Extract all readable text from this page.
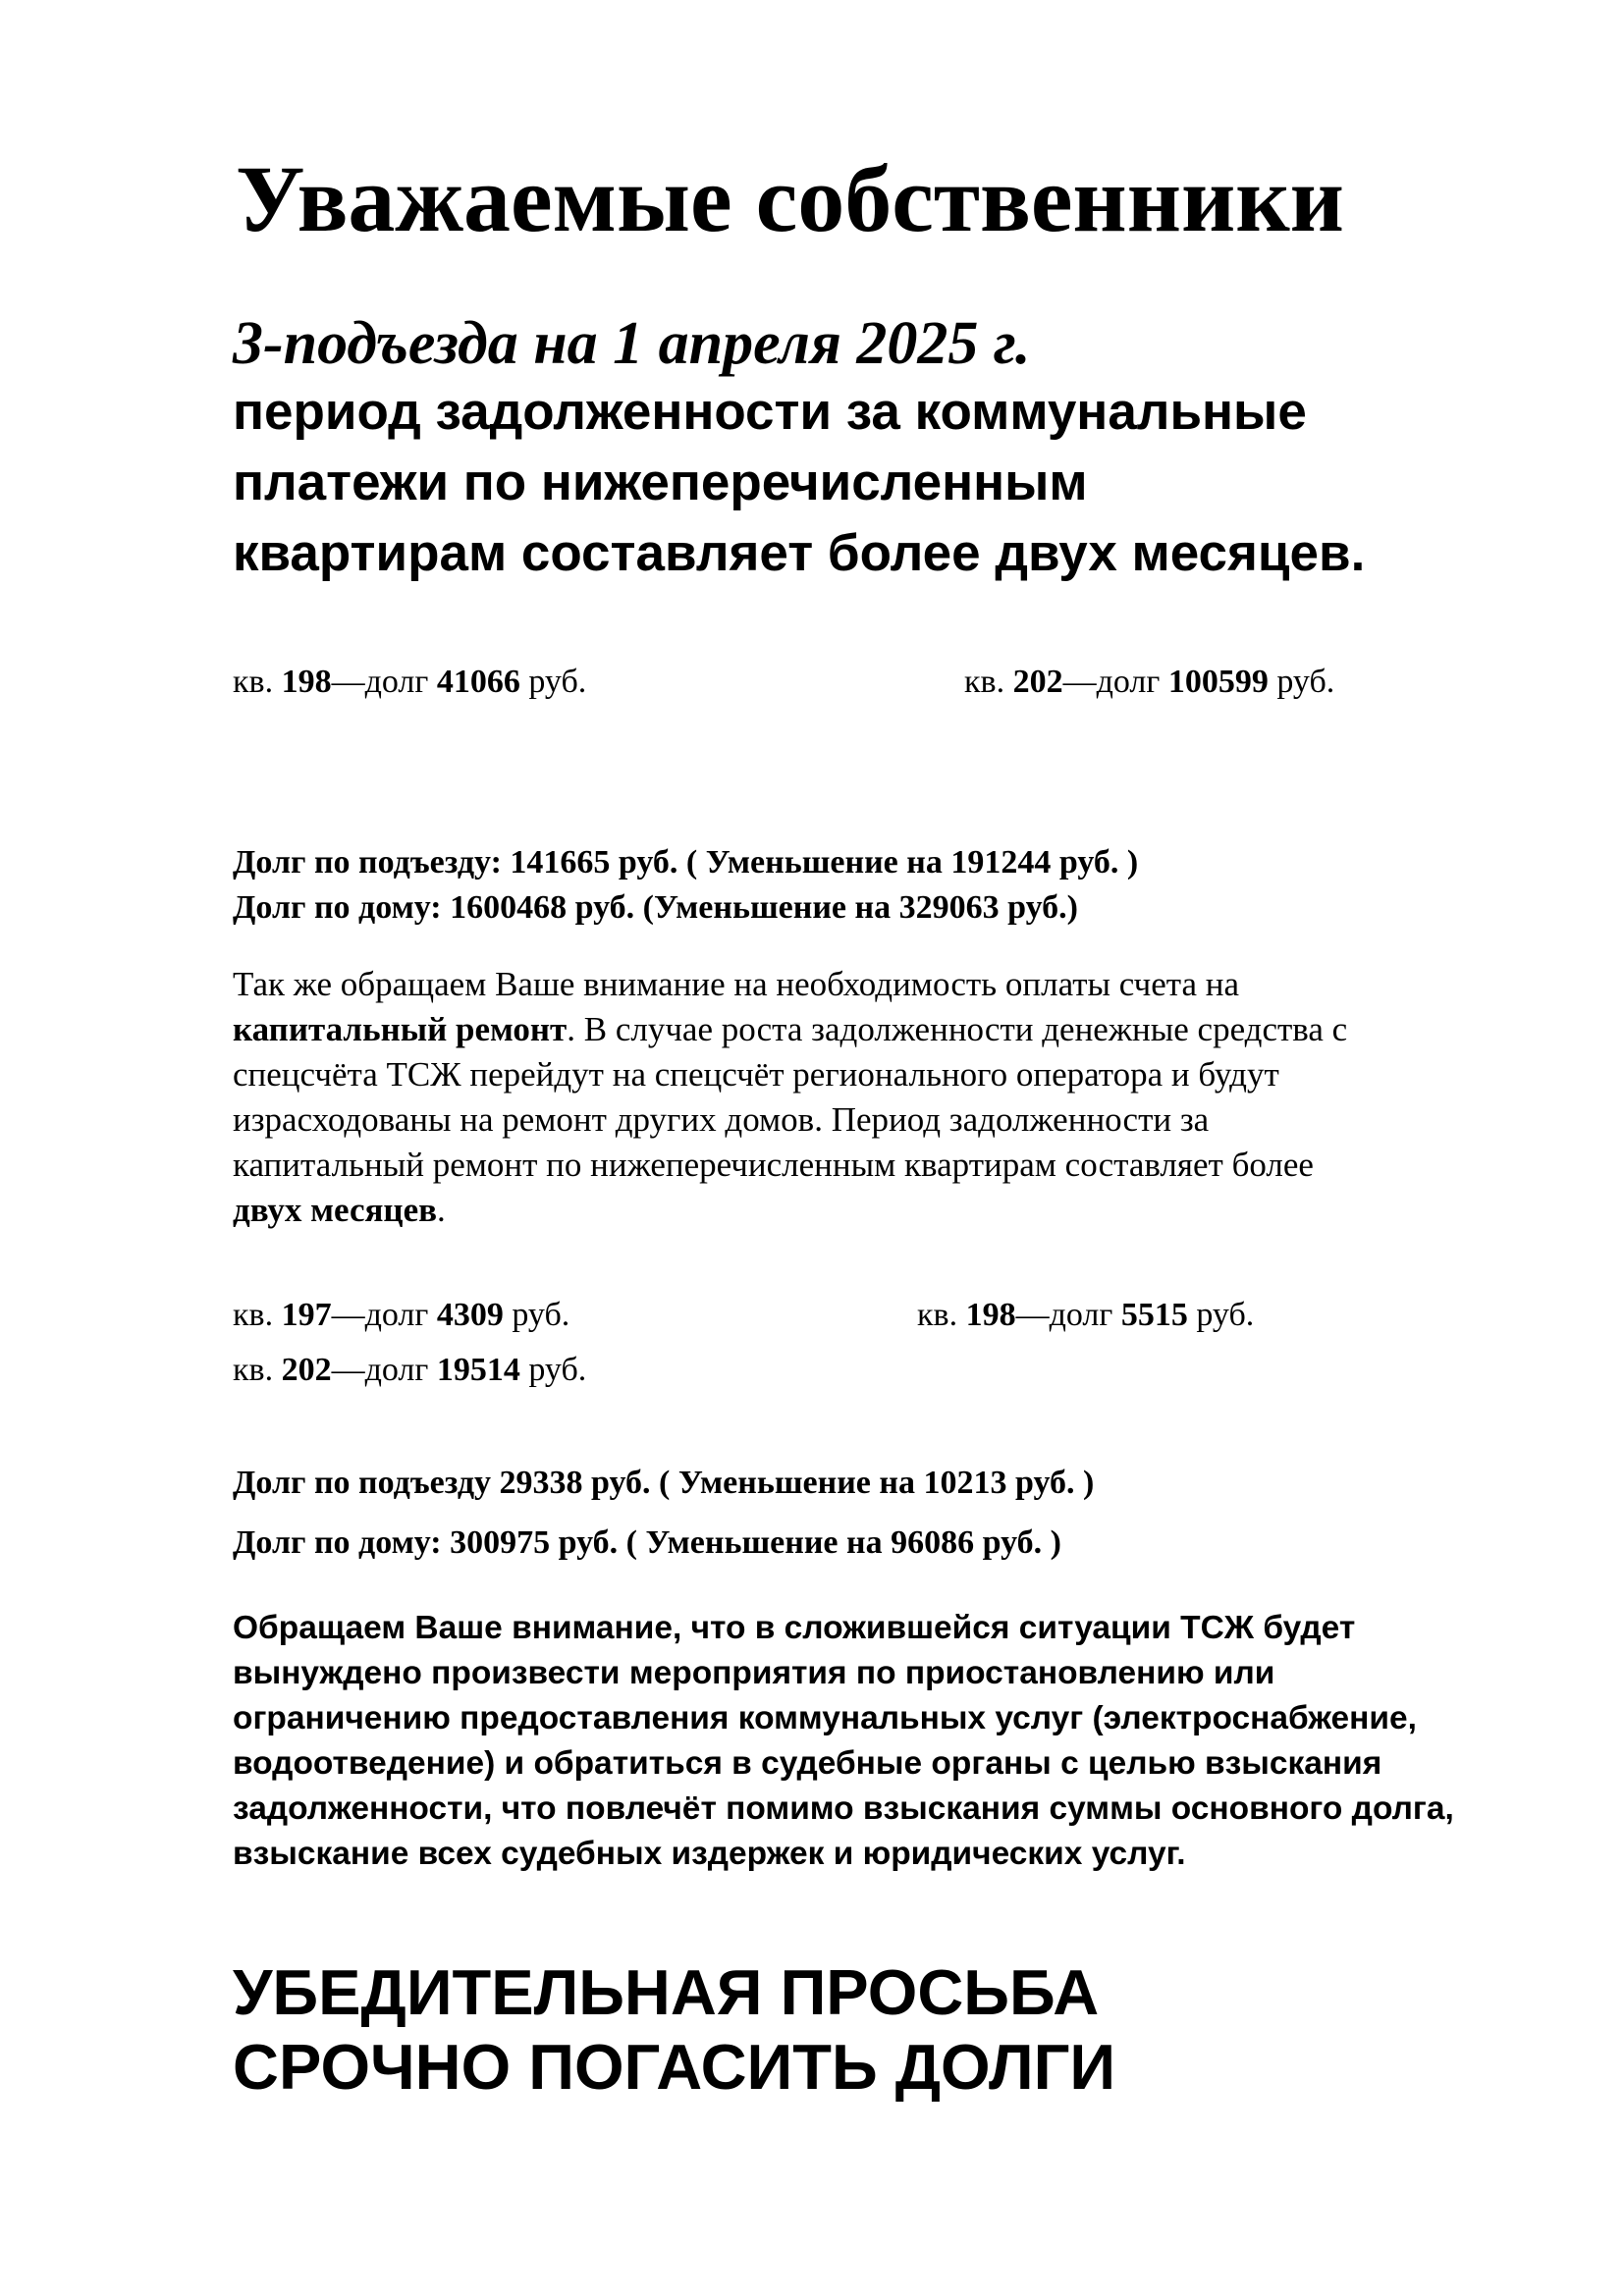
Уважаемые собственники
3-подъезда на 1 апреля 2025 г.
период задолженности за коммунальные
платежи по нижеперечисленным
квартирам составляет более двух месяцев.
кв. 198—долг 41066 руб.	кв. 202—долг 100599 руб.
Долг по подъезду: 141665 руб. ( Уменьшение на 191244 руб. )
Долг по дому: 1600468 руб. (Уменьшение на 329063 руб.)
Так же обращаем Ваше внимание на необходимость оплаты счета на
капитальный ремонт. В случае роста задолженности денежные средства с
спецсчёта ТСЖ перейдут на спецсчёт регионального оператора и будут
израсходованы на ремонт других домов. Период задолженности за
капитальный ремонт по нижеперечисленным квартирам составляет более
двух месяцев.
кв. 197—долг 4309 руб.	кв. 198—долг 5515 руб.
кв. 202—долг 19514 руб.
Долг по подъезду 29338 руб. ( Уменьшение на 10213 руб. )
Долг по дому: 300975 руб. ( Уменьшение на 96086 руб. )
Обращаем Ваше внимание, что в сложившейся ситуации ТСЖ будет
вынуждено произвести мероприятия по приостановлению или
ограничению предоставления коммунальных услуг (электроснабжение,
водоотведение) и обратиться в судебные органы с целью взыскания
задолженности, что повлечёт помимо взыскания суммы основного долга,
взыскание всех судебных издержек и юридических услуг.
УБЕДИТЕЛЬНАЯ ПРОСЬБА
СРОЧНО ПОГАСИТЬ ДОЛГИ
